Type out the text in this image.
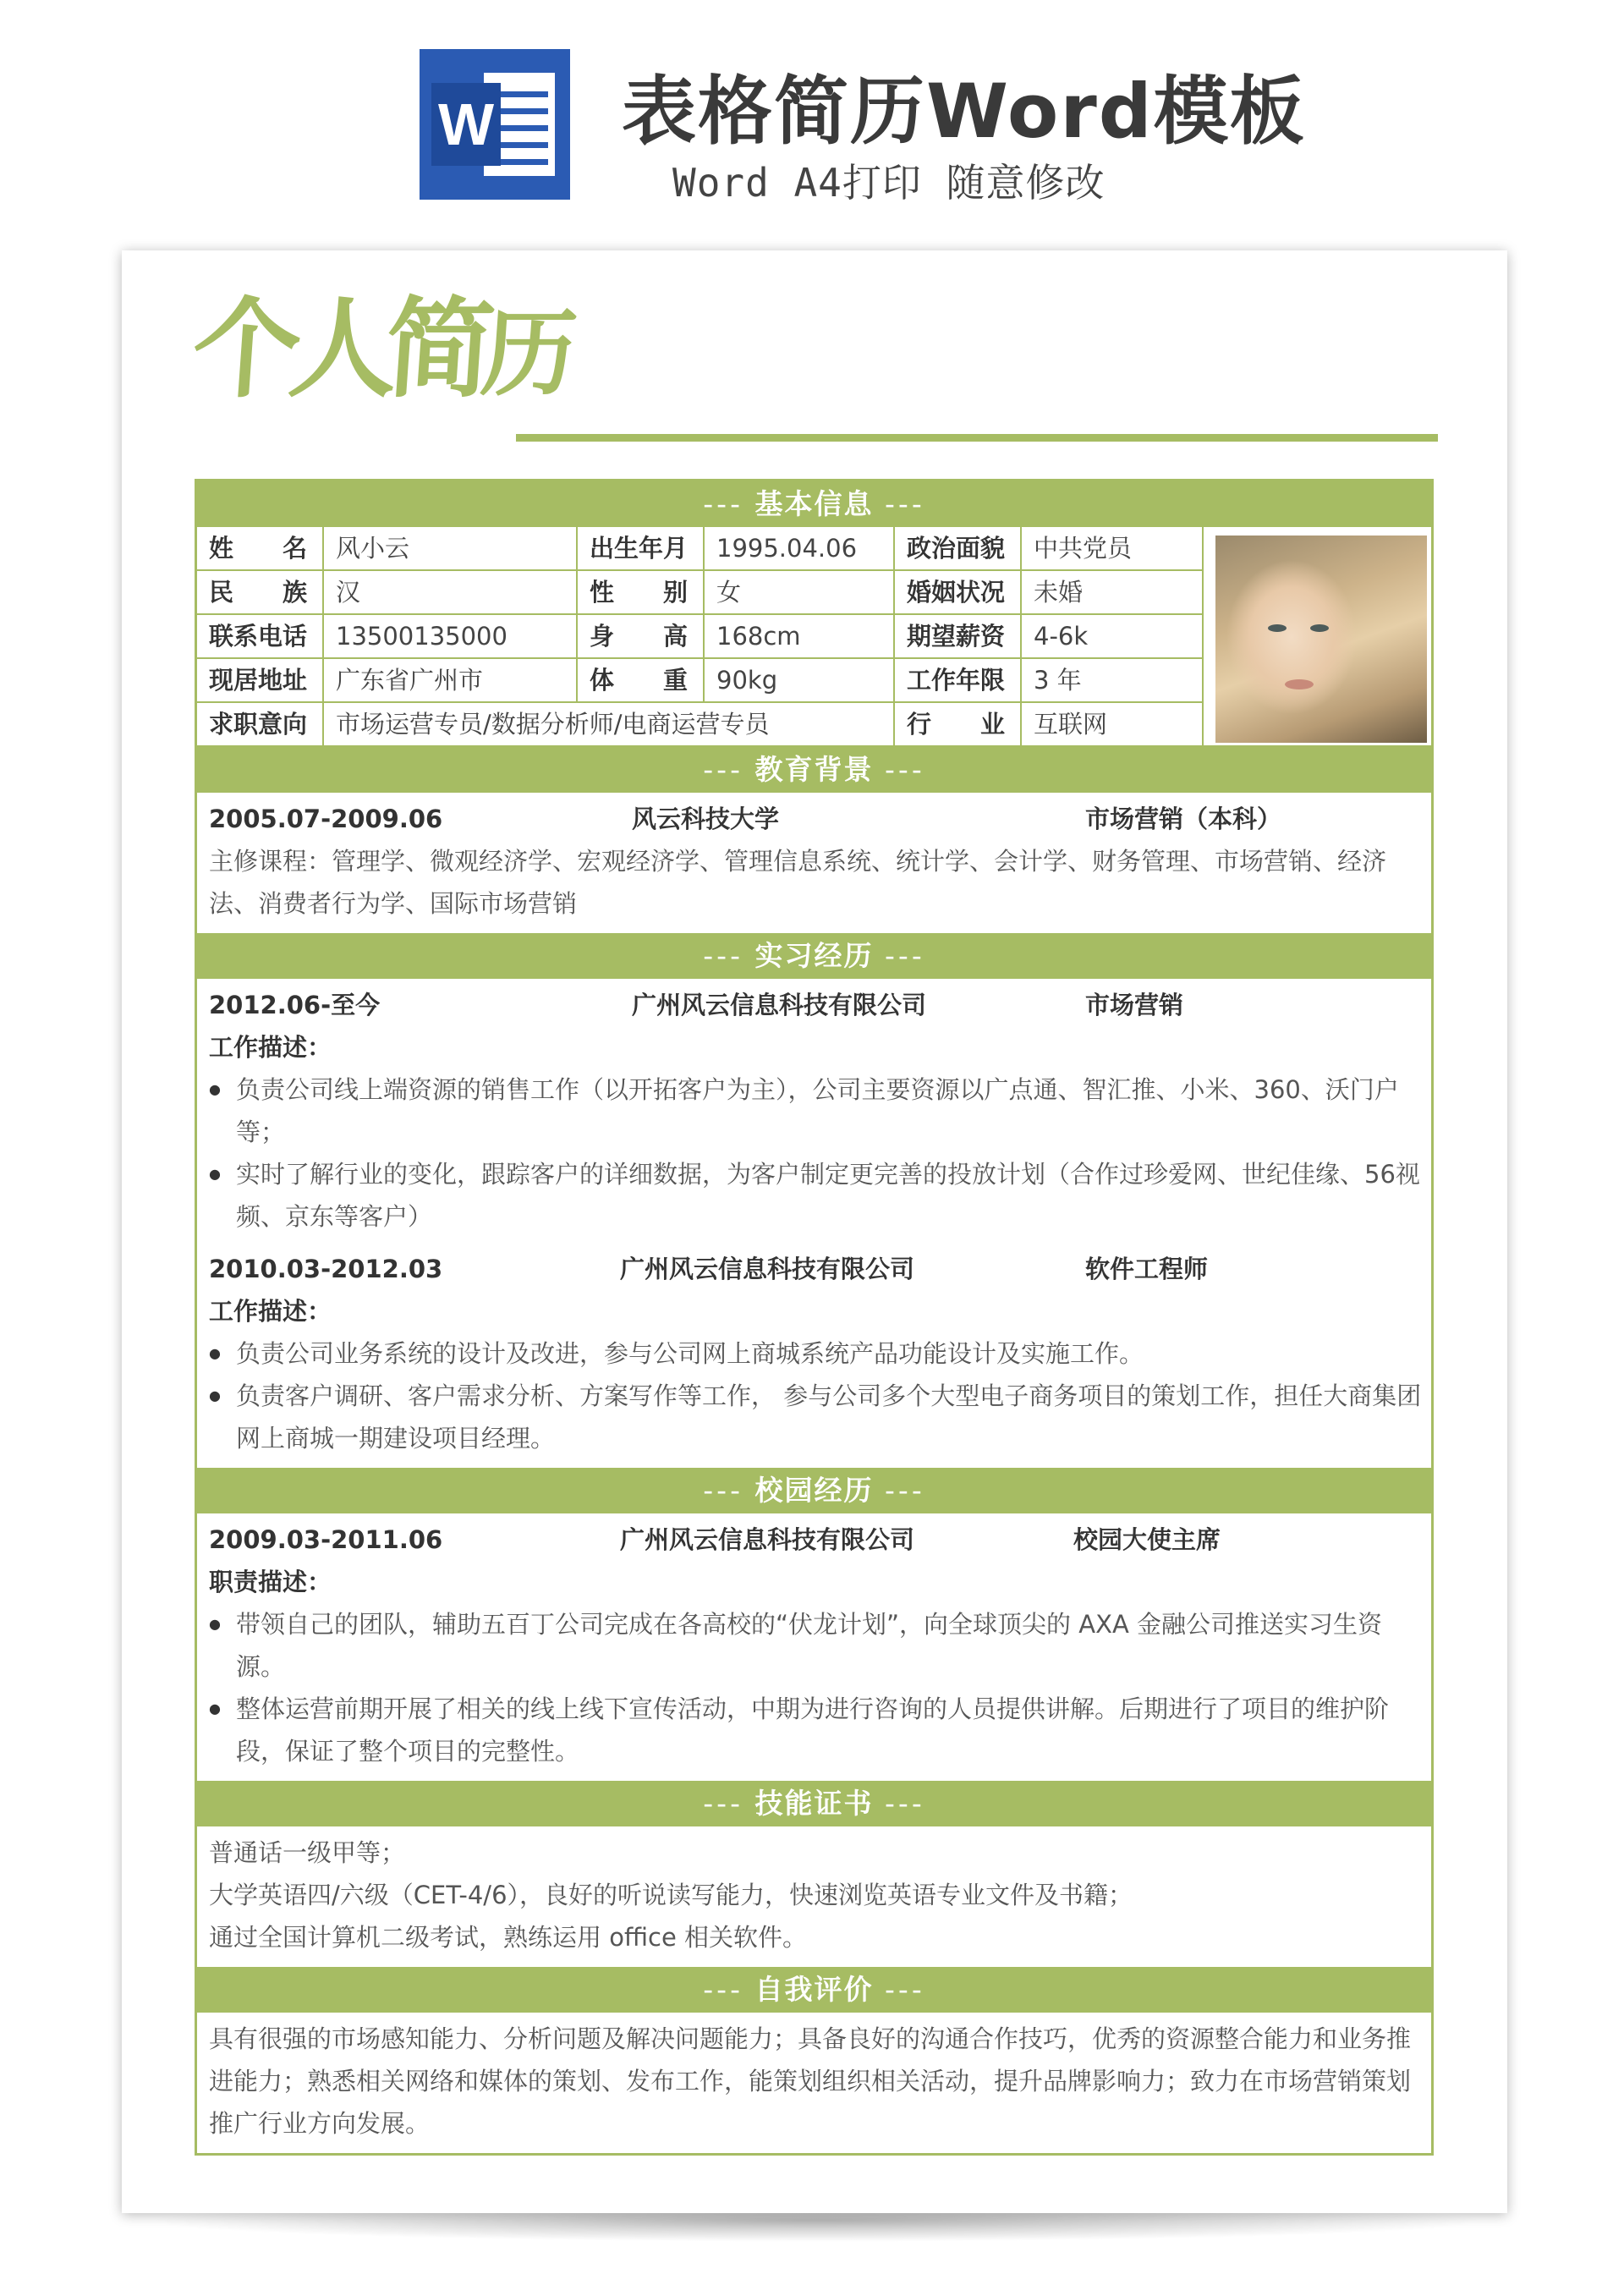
W 表格简历Word模板
Word A4打印 随意修改
个人简历
--- 基本信息 ---
姓　　名	风小云	出生年月	1995.04.06	政治面貌	中共党员
民　　族	汉	性　　别	女	婚姻状况	未婚
联系电话	13500135000	身　　高	168cm	期望薪资	4-6k
现居地址	广东省广州市	体　　重	90kg	工作年限	3 年
求职意向	市场运营专员/数据分析师/电商运营专员	行　　业	互联网
--- 教育背景 ---
2005.07-2009.06	风云科技大学	市场营销（本科）
主修课程：管理学、微观经济学、宏观经济学、管理信息系统、统计学、会计学、财务管理、市场营销、经济法、消费者行为学、国际市场营销
--- 实习经历 ---
2012.06-至今	广州风云信息科技有限公司	市场营销
工作描述：
● 负责公司线上端资源的销售工作（以开拓客户为主），公司主要资源以广点通、智汇推、小米、360、沃门户等；
● 实时了解行业的变化，跟踪客户的详细数据，为客户制定更完善的投放计划（合作过珍爱网、世纪佳缘、56视频、京东等客户）
2010.03-2012.03	广州风云信息科技有限公司	软件工程师
工作描述：
● 负责公司业务系统的设计及改进，参与公司网上商城系统产品功能设计及实施工作。
● 负责客户调研、客户需求分析、方案写作等工作， 参与公司多个大型电子商务项目的策划工作，担任大商集团网上商城一期建设项目经理。
--- 校园经历 ---
2009.03-2011.06	广州风云信息科技有限公司	校园大使主席
职责描述：
● 带领自己的团队，辅助五百丁公司完成在各高校的“伏龙计划”，向全球顶尖的 AXA 金融公司推送实习生资源。
● 整体运营前期开展了相关的线上线下宣传活动，中期为进行咨询的人员提供讲解。后期进行了项目的维护阶段，保证了整个项目的完整性。
--- 技能证书 ---
普通话一级甲等；
大学英语四/六级（CET-4/6），良好的听说读写能力，快速浏览英语专业文件及书籍；
通过全国计算机二级考试，熟练运用 office 相关软件。
--- 自我评价 ---
具有很强的市场感知能力、分析问题及解决问题能力；具备良好的沟通合作技巧，优秀的资源整合能力和业务推进能力；熟悉相关网络和媒体的策划、发布工作，能策划组织相关活动，提升品牌影响力；致力在市场营销策划推广行业方向发展。
